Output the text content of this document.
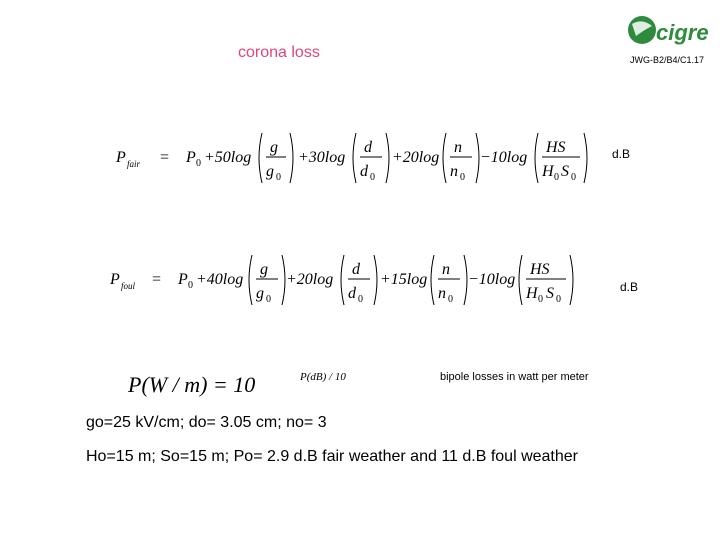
corona loss
cigre
JWG-B2/B4/C1.17
P fair = P 0 +50log
g
g 0
+30log
d
d 0
+20log
n
n 0
−10log
HS
H 0 S 0
d.B
P foul = P 0 +40log
g
g 0
+20log
d
d 0
+15log
n
n 0
−10log
HS
H 0 S 0
d.B
P(W / m) = 10	P(dB) / 10	bipole losses in watt per meter
go=25 kV/cm; do= 3.05 cm; no= 3
Ho=15 m; So=15 m; Po= 2.9 d.B fair weather and 11 d.B foul weather
